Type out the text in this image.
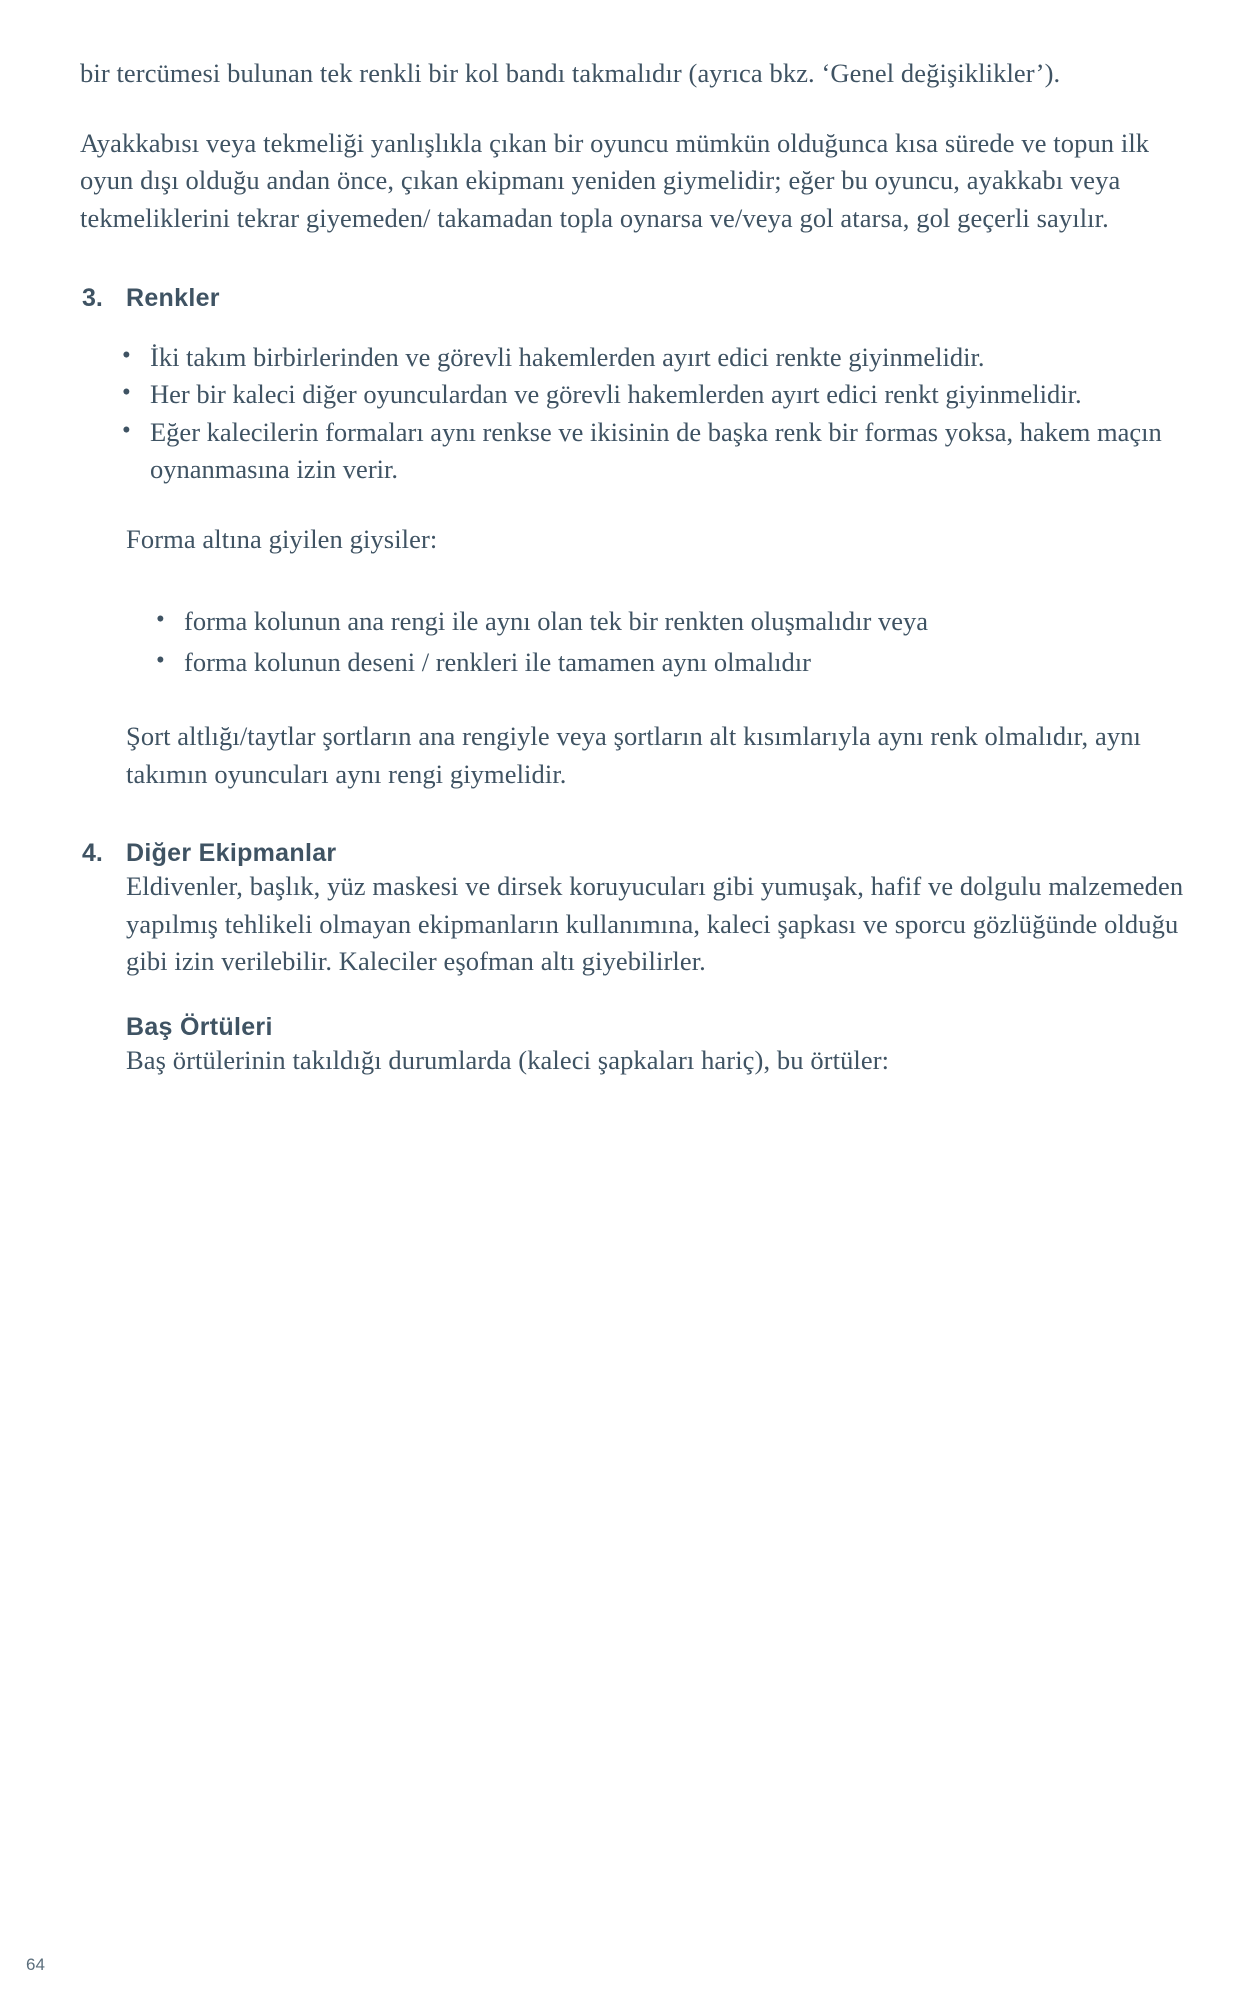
bir tercümesi bulunan tek renkli bir kol bandı takmalıdır (ayrıca bkz. ‘Genel değişiklikler’).

Ayakkabısı veya tekmeliği yanlışlıkla çıkan bir oyuncu mümkün olduğunca kısa sürede ve topun ilk oyun dışı olduğu andan önce, çıkan ekipmanı yeniden giymelidir; eğer bu oyuncu, ayakkabı veya tekmeliklerini tekrar giyemeden/ takamadan topla oynarsa ve/veya gol atarsa, gol geçerli sayılır.

3. Renkler
• İki takım birbirlerinden ve görevli hakemlerden ayırt edici renkte giyinmelidir.
• Her bir kaleci diğer oyunculardan ve görevli hakemlerden ayırt edici renkt giyinmelidir.
• Eğer kalecilerin formaları aynı renkse ve ikisinin de başka renk bir formas yoksa, hakem maçın oynanmasına izin verir.

Forma altına giyilen giysiler:

• forma kolunun ana rengi ile aynı olan tek bir renkten oluşmalıdır veya
• forma kolunun deseni / renkleri ile tamamen aynı olmalıdır

Şort altlığı/taytlar şortların ana rengiyle veya şortların alt kısımlarıyla aynı renk olmalıdır, aynı takımın oyuncuları aynı rengi giymelidir.

4. Diğer Ekipmanlar

Eldivenler, başlık, yüz maskesi ve dirsek koruyucuları gibi yumuşak, hafif ve dolgulu malzemeden yapılmış tehlikeli olmayan ekipmanların kullanımına, kaleci şapkası ve sporcu gözlüğünde olduğu gibi izin verilebilir. Kaleciler eşofman altı giyebilirler.

Baş Örtüleri

Baş örtülerinin takıldığı durumlarda (kaleci şapkaları hariç), bu örtüler:

64
